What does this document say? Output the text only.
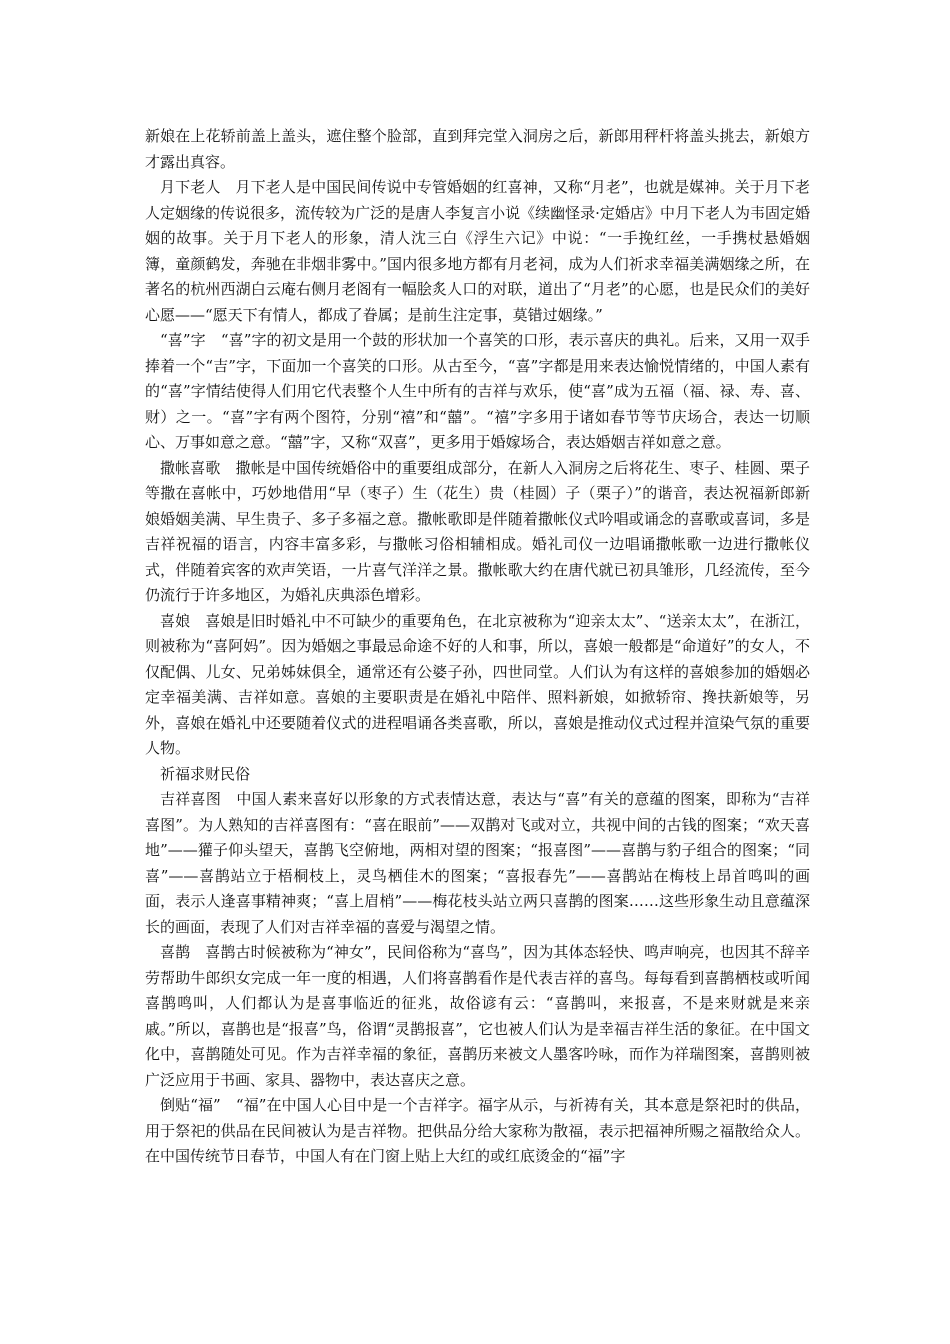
新娘在上花轿前盖上盖头，遮住整个脸部，直到拜完堂入洞房之后，新郎用秤杆将盖头挑去，新娘方才露出真容。

月下老人　月下老人是中国民间传说中专管婚姻的红喜神，又称“月老”，也就是媒神。关于月下老人定姻缘的传说很多，流传较为广泛的是唐人李复言小说《续幽怪录·定婚店》中月下老人为韦固定婚姻的故事。关于月下老人的形象，清人沈三白《浮生六记》中说：“一手挽红丝，一手携杖悬婚姻簿，童颜鹤发，奔驰在非烟非雾中。”国内很多地方都有月老祠，成为人们祈求幸福美满姻缘之所，在著名的杭州西湖白云庵右侧月老阁有一幅脍炙人口的对联，道出了“月老”的心愿，也是民众们的美好心愿——“愿天下有情人，都成了眷属；是前生注定事，莫错过姻缘。”

“喜”字　“喜”字的初文是用一个鼓的形状加一个喜笑的口形，表示喜庆的典礼。后来，又用一双手捧着一个“吉”字，下面加一个喜笑的口形。从古至今，“喜”字都是用来表达愉悦情绪的，中国人素有的“喜”字情结使得人们用它代表整个人生中所有的吉祥与欢乐，使“喜”成为五福（福、禄、寿、喜、财）之一。“喜”字有两个图符，分别“禧”和“囍”。“禧”字多用于诸如春节等节庆场合，表达一切顺心、万事如意之意。“囍”字，又称“双喜”，更多用于婚嫁场合，表达婚姻吉祥如意之意。

撒帐喜歌　撒帐是中国传统婚俗中的重要组成部分，在新人入洞房之后将花生、枣子、桂圆、栗子等撒在喜帐中，巧妙地借用“早（枣子）生（花生）贵（桂圆）子（栗子）”的谐音，表达祝福新郎新娘婚姻美满、早生贵子、多子多福之意。撒帐歌即是伴随着撒帐仪式吟唱或诵念的喜歌或喜词，多是吉祥祝福的语言，内容丰富多彩，与撒帐习俗相辅相成。婚礼司仪一边唱诵撒帐歌一边进行撒帐仪式，伴随着宾客的欢声笑语，一片喜气洋洋之景。撒帐歌大约在唐代就已初具雏形，几经流传，至今仍流行于许多地区，为婚礼庆典添色增彩。

喜娘　喜娘是旧时婚礼中不可缺少的重要角色，在北京被称为“迎亲太太”、“送亲太太”，在浙江，则被称为“喜阿妈”。因为婚姻之事最忌命途不好的人和事，所以，喜娘一般都是“命道好”的女人，不仅配偶、儿女、兄弟姊妹俱全，通常还有公婆子孙，四世同堂。人们认为有这样的喜娘参加的婚姻必定幸福美满、吉祥如意。喜娘的主要职责是在婚礼中陪伴、照料新娘，如掀轿帘、搀扶新娘等，另外，喜娘在婚礼中还要随着仪式的进程唱诵各类喜歌，所以，喜娘是推动仪式过程并渲染气氛的重要人物。

祈福求财民俗

吉祥喜图　中国人素来喜好以形象的方式表情达意，表达与“喜”有关的意蕴的图案，即称为“吉祥喜图”。为人熟知的吉祥喜图有：“喜在眼前”——双鹊对飞或对立，共视中间的古钱的图案；“欢天喜地”——獾子仰头望天，喜鹊飞空俯地，两相对望的图案；“报喜图”——喜鹊与豹子组合的图案；“同喜”——喜鹊站立于梧桐枝上，灵鸟栖佳木的图案；“喜报春先”——喜鹊站在梅枝上昂首鸣叫的画面，表示人逢喜事精神爽；“喜上眉梢”——梅花枝头站立两只喜鹊的图案……这些形象生动且意蕴深长的画面，表现了人们对吉祥幸福的喜爱与渴望之情。

喜鹊　喜鹊古时候被称为“神女”，民间俗称为“喜鸟”，因为其体态轻快、鸣声响亮，也因其不辞辛劳帮助牛郎织女完成一年一度的相遇，人们将喜鹊看作是代表吉祥的喜鸟。每每看到喜鹊栖枝或听闻喜鹊鸣叫，人们都认为是喜事临近的征兆，故俗谚有云：“喜鹊叫，来报喜，不是来财就是来亲戚。”所以，喜鹊也是“报喜”鸟，俗谓“灵鹊报喜”，它也被人们认为是幸福吉祥生活的象征。在中国文化中，喜鹊随处可见。作为吉祥幸福的象征，喜鹊历来被文人墨客吟咏，而作为祥瑞图案，喜鹊则被广泛应用于书画、家具、器物中，表达喜庆之意。

倒贴“福”　“福”在中国人心目中是一个吉祥字。福字从示，与祈祷有关，其本意是祭祀时的供品，用于祭祀的供品在民间被认为是吉祥物。把供品分给大家称为散福，表示把福神所赐之福散给众人。在中国传统节日春节，中国人有在门窗上贴上大红的或红底烫金的“福”字
